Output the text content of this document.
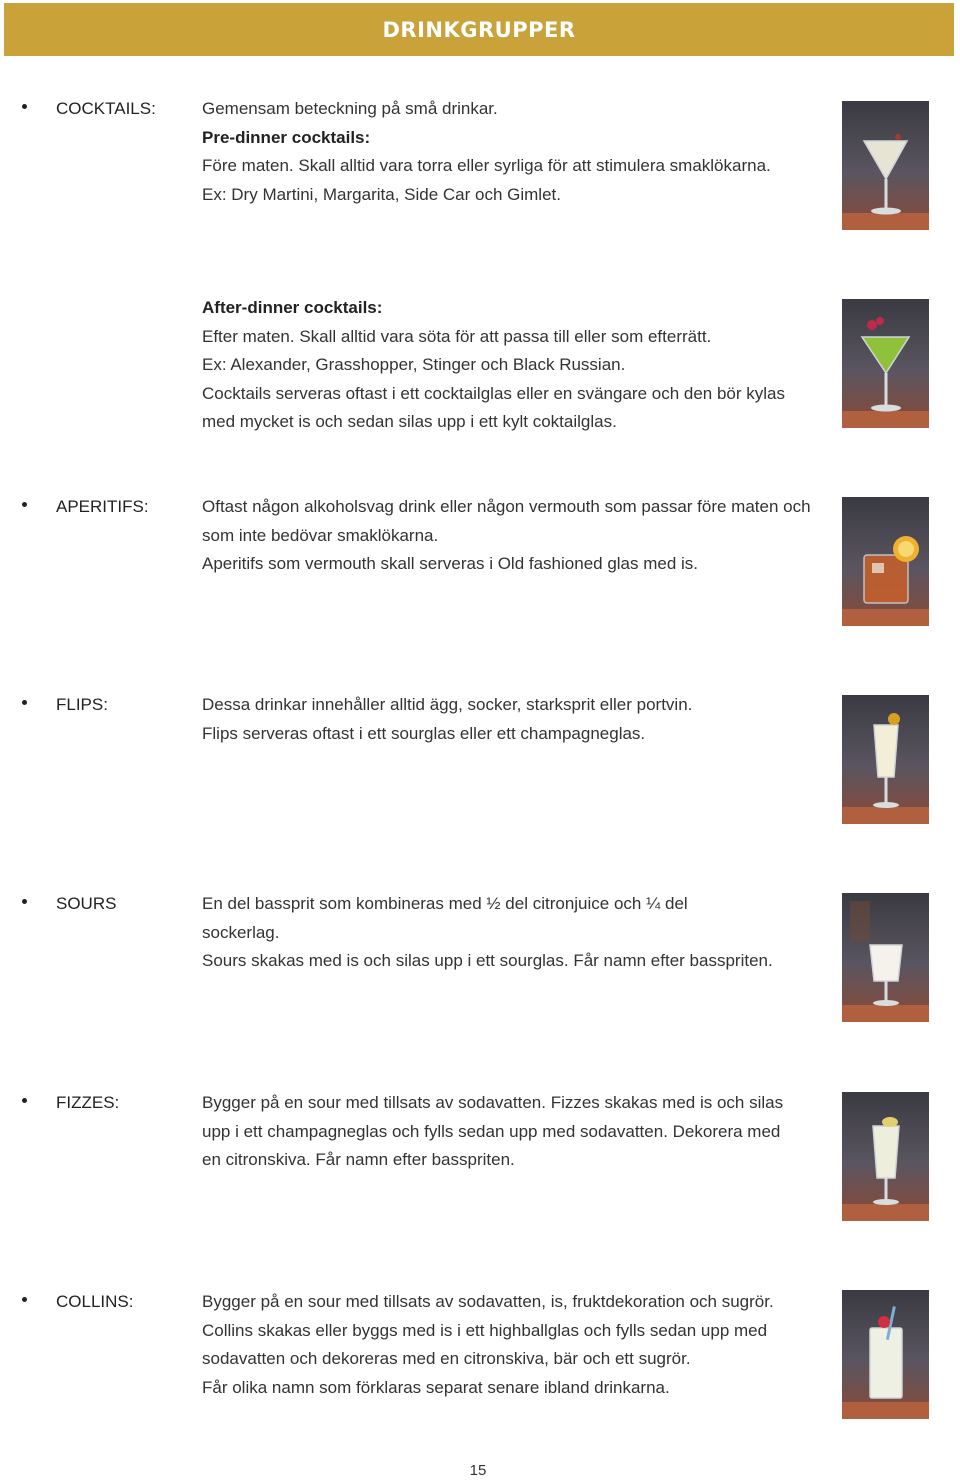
DRINKGRUPPER
COCKTAILS:	Gemensam beteckning på små drinkar.

Pre-dinner cocktails:

Före maten. Skall alltid vara torra eller syrliga för att stimulera smaklökarna.

Ex: Dry Martini, Margarita, Side Car och Gimlet.

After-dinner cocktails:

Efter maten. Skall alltid vara söta för att passa till eller som efterrätt.

Ex: Alexander, Grasshopper, Stinger och Black Russian.

Cocktails serveras oftast i ett cocktailglas eller en svängare och den bör kylas

med mycket is och sedan silas upp i ett kylt coktailglas.

APERITIFS:	Oftast någon alkoholsvag drink eller någon vermouth som passar före maten och

som inte bedövar smaklökarna.

Aperitifs som vermouth skall serveras i Old fashioned glas med is.

FLIPS:	Dessa drinkar innehåller alltid ägg, socker, starksprit eller portvin.

Flips serveras oftast i ett sourglas eller ett champagneglas.

SOURS	En del bassprit som kombineras med ½ del citronjuice och ¼ del

sockerlag.

Sours skakas med is och silas upp i ett sourglas. Får namn efter basspriten.

FIZZES:	Bygger på en sour med tillsats av sodavatten. Fizzes skakas med is och silas

upp i ett champagneglas och fylls sedan upp med sodavatten. Dekorera med

en citronskiva. Får namn efter basspriten.

COLLINS:	Bygger på en sour med tillsats av sodavatten, is, fruktdekoration och sugrör.

Collins skakas eller byggs med is i ett highballglas och fylls sedan upp med

sodavatten och dekoreras med en citronskiva, bär och ett sugrör.

Får olika namn som förklaras separat senare ibland drinkarna.

15
